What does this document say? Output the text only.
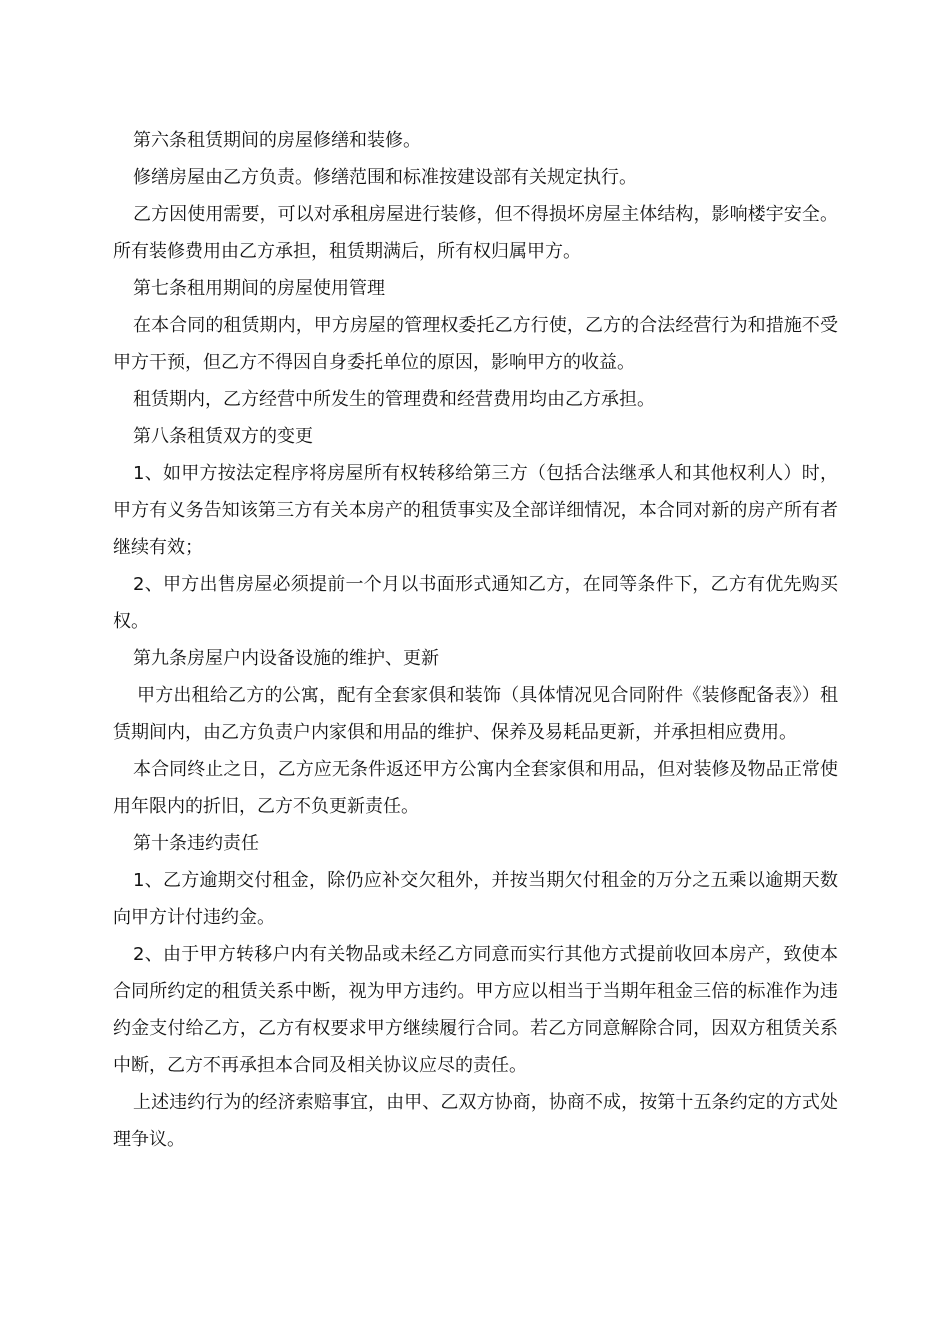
第六条租赁期间的房屋修缮和装修。

修缮房屋由乙方负责。修缮范围和标准按建设部有关规定执行。

乙方因使用需要，可以对承租房屋进行装修，但不得损坏房屋主体结构，影响楼宇安全。所有装修费用由乙方承担，租赁期满后，所有权归属甲方。

第七条租用期间的房屋使用管理

在本合同的租赁期内，甲方房屋的管理权委托乙方行使，乙方的合法经营行为和措施不受甲方干预，但乙方不得因自身委托单位的原因，影响甲方的收益。

租赁期内，乙方经营中所发生的管理费和经营费用均由乙方承担。

第八条租赁双方的变更

1、如甲方按法定程序将房屋所有权转移给第三方（包括合法继承人和其他权利人）时，甲方有义务告知该第三方有关本房产的租赁事实及全部详细情况，本合同对新的房产所有者继续有效；

2、甲方出售房屋必须提前一个月以书面形式通知乙方，在同等条件下，乙方有优先购买权。

第九条房屋户内设备设施的维护、更新

甲方出租给乙方的公寓，配有全套家俱和装饰（具体情况见合同附件《装修配备表》）租赁期间内，由乙方负责户内家俱和用品的维护、保养及易耗品更新，并承担相应费用。

本合同终止之日，乙方应无条件返还甲方公寓内全套家俱和用品，但对装修及物品正常使用年限内的折旧，乙方不负更新责任。

第十条违约责任

1、乙方逾期交付租金，除仍应补交欠租外，并按当期欠付租金的万分之五乘以逾期天数向甲方计付违约金。

2、由于甲方转移户内有关物品或未经乙方同意而实行其他方式提前收回本房产，致使本合同所约定的租赁关系中断，视为甲方违约。甲方应以相当于当期年租金三倍的标准作为违约金支付给乙方，乙方有权要求甲方继续履行合同。若乙方同意解除合同，因双方租赁关系中断，乙方不再承担本合同及相关协议应尽的责任。

上述违约行为的经济索赔事宜，由甲、乙双方协商，协商不成，按第十五条约定的方式处理争议。
